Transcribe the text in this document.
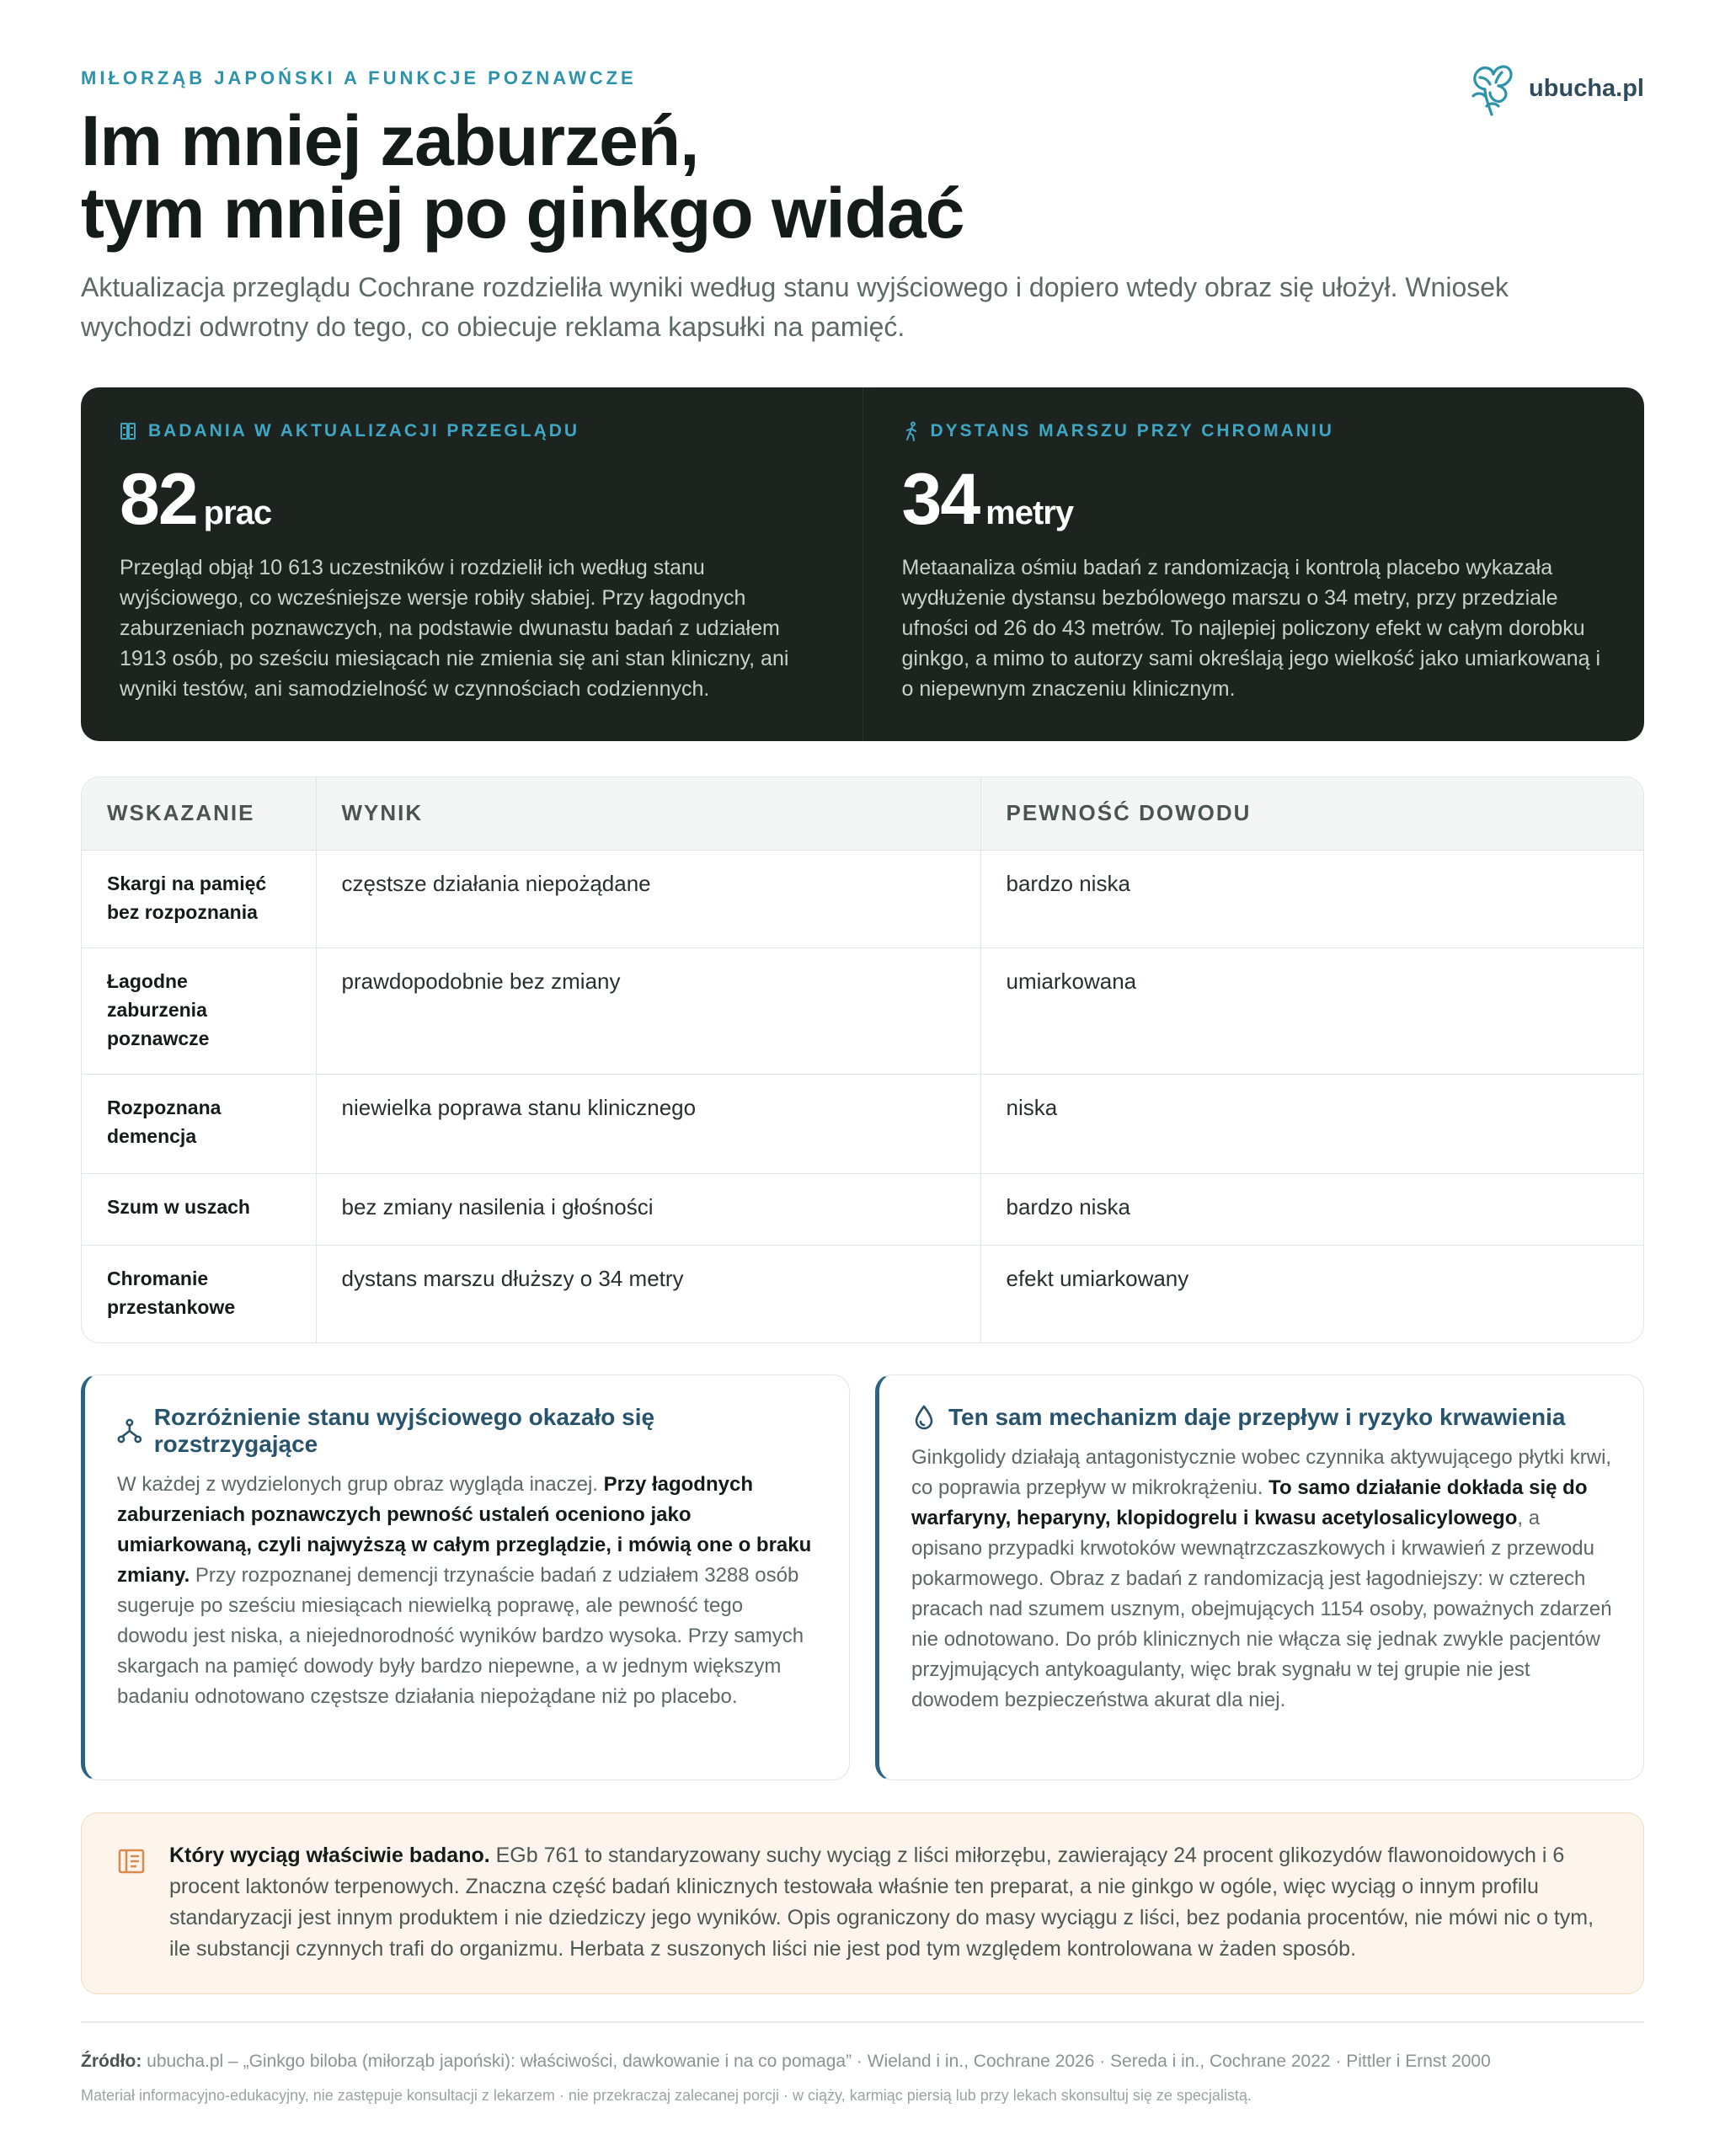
MIŁORZĄB JAPOŃSKI A FUNKCJE POZNAWCZE
Im mniej zaburzeń,
tym mniej po ginkgo widać

Aktualizacja przeglądu Cochrane rozdzieliła wyniki według stanu wyjściowego i dopiero wtedy obraz się ułożył. Wniosek wychodzi odwrotny do tego, co obiecuje reklama kapsułki na pamięć.

ubucha.pl
BADANIA W AKTUALIZACJI PRZEGLĄDU
82 prac

Przegląd objął 10 613 uczestników i rozdzielił ich według stanu wyjściowego, co wcześniejsze wersje robiły słabiej. Przy łagodnych zaburzeniach poznawczych, na podstawie dwunastu badań z udziałem 1913 osób, po sześciu miesiącach nie zmienia się ani stan kliniczny, ani wyniki testów, ani samodzielność w czynnościach codziennych.

DYSTANS MARSZU PRZY CHROMANIU
34 metry

Metaanaliza ośmiu badań z randomizacją i kontrolą placebo wykazała wydłużenie dystansu bezbólowego marszu o 34 metry, przy przedziale ufności od 26 do 43 metrów. To najlepiej policzony efekt w całym dorobku ginkgo, a mimo to autorzy sami określają jego wielkość jako umiarkowaną i o niepewnym znaczeniu klinicznym.

WSKAZANIE	WYNIK	PEWNOŚĆ DOWODU
Skargi na pamięć bez rozpoznania	częstsze działania niepożądane	bardzo niska
Łagodne zaburzenia poznawcze	prawdopodobnie bez zmiany	umiarkowana
Rozpoznana demencja	niewielka poprawa stanu klinicznego	niska
Szum w uszach	bez zmiany nasilenia i głośności	bardzo niska
Chromanie przestankowe	dystans marszu dłuższy o 34 metry	efekt umiarkowany
Rozróżnienie stanu wyjściowego okazało się rozstrzygające

W każdej z wydzielonych grup obraz wygląda inaczej. Przy łagodnych zaburzeniach poznawczych pewność ustaleń oceniono jako umiarkowaną, czyli najwyższą w całym przeglądzie, i mówią one o braku zmiany. Przy rozpoznanej demencji trzynaście badań z udziałem 3288 osób sugeruje po sześciu miesiącach niewielką poprawę, ale pewność tego dowodu jest niska, a niejednorodność wyników bardzo wysoka. Przy samych skargach na pamięć dowody były bardzo niepewne, a w jednym większym badaniu odnotowano częstsze działania niepożądane niż po placebo.

Ten sam mechanizm daje przepływ i ryzyko krwawienia

Ginkgolidy działają antagonistycznie wobec czynnika aktywującego płytki krwi, co poprawia przepływ w mikrokrążeniu. To samo działanie dokłada się do warfaryny, heparyny, klopidogrelu i kwasu acetylosalicylowego, a opisano przypadki krwotoków wewnątrzczaszkowych i krwawień z przewodu pokarmowego. Obraz z badań z randomizacją jest łagodniejszy: w czterech pracach nad szumem usznym, obejmujących 1154 osoby, poważnych zdarzeń nie odnotowano. Do prób klinicznych nie włącza się jednak zwykle pacjentów przyjmujących antykoagulanty, więc brak sygnału w tej grupie nie jest dowodem bezpieczeństwa akurat dla niej.

Który wyciąg właściwie badano. EGb 761 to standaryzowany suchy wyciąg z liści miłorzębu, zawierający 24 procent glikozydów flawonoidowych i 6 procent laktonów terpenowych. Znaczna część badań klinicznych testowała właśnie ten preparat, a nie ginkgo w ogóle, więc wyciąg o innym profilu standaryzacji jest innym produktem i nie dziedziczy jego wyników. Opis ograniczony do masy wyciągu z liści, bez podania procentów, nie mówi nic o tym, ile substancji czynnych trafi do organizmu. Herbata z suszonych liści nie jest pod tym względem kontrolowana w żaden sposób.

Źródło: ubucha.pl – „Ginkgo biloba (miłorząb japoński): właściwości, dawkowanie i na co pomaga” · Wieland i in., Cochrane 2026 · Sereda i in., Cochrane 2022 · Pittler i Ernst 2000
Materiał informacyjno-edukacyjny, nie zastępuje konsultacji z lekarzem · nie przekraczaj zalecanej porcji · w ciąży, karmiąc piersią lub przy lekach skonsultuj się ze specjalistą.
